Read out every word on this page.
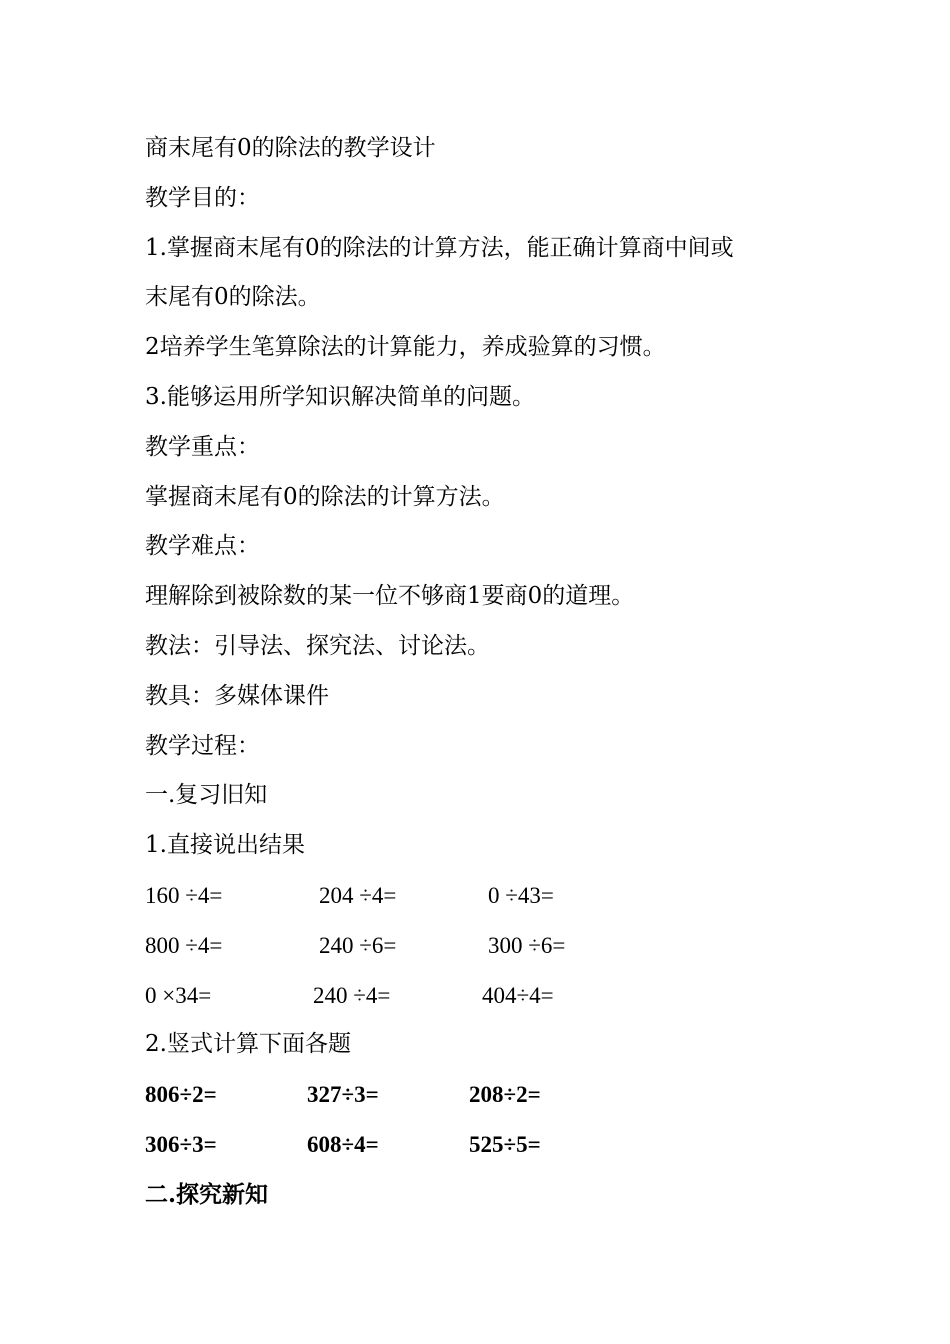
商末尾有0的除法的教学设计
教学目的：
1.掌握商末尾有0的除法的计算方法，能正确计算商中间或
末尾有0的除法。
2培养学生笔算除法的计算能力，养成验算的习惯。
3.能够运用所学知识解决简单的问题。
教学重点：
掌握商末尾有0的除法的计算方法。
教学难点：
理解除到被除数的某一位不够商1要商0的道理。
教法：引导法、探究法、讨论法。
教具：多媒体课件
教学过程：
一.复习旧知
1.直接说出结果
160 ÷4=	204 ÷4=	0 ÷43=
800 ÷4=	240 ÷6=	300 ÷6=
0 ×34=	240 ÷4=	404÷4=
2.竖式计算下面各题
806÷2=	327÷3=	208÷2=
306÷3=	608÷4=	525÷5=
二.探究新知
